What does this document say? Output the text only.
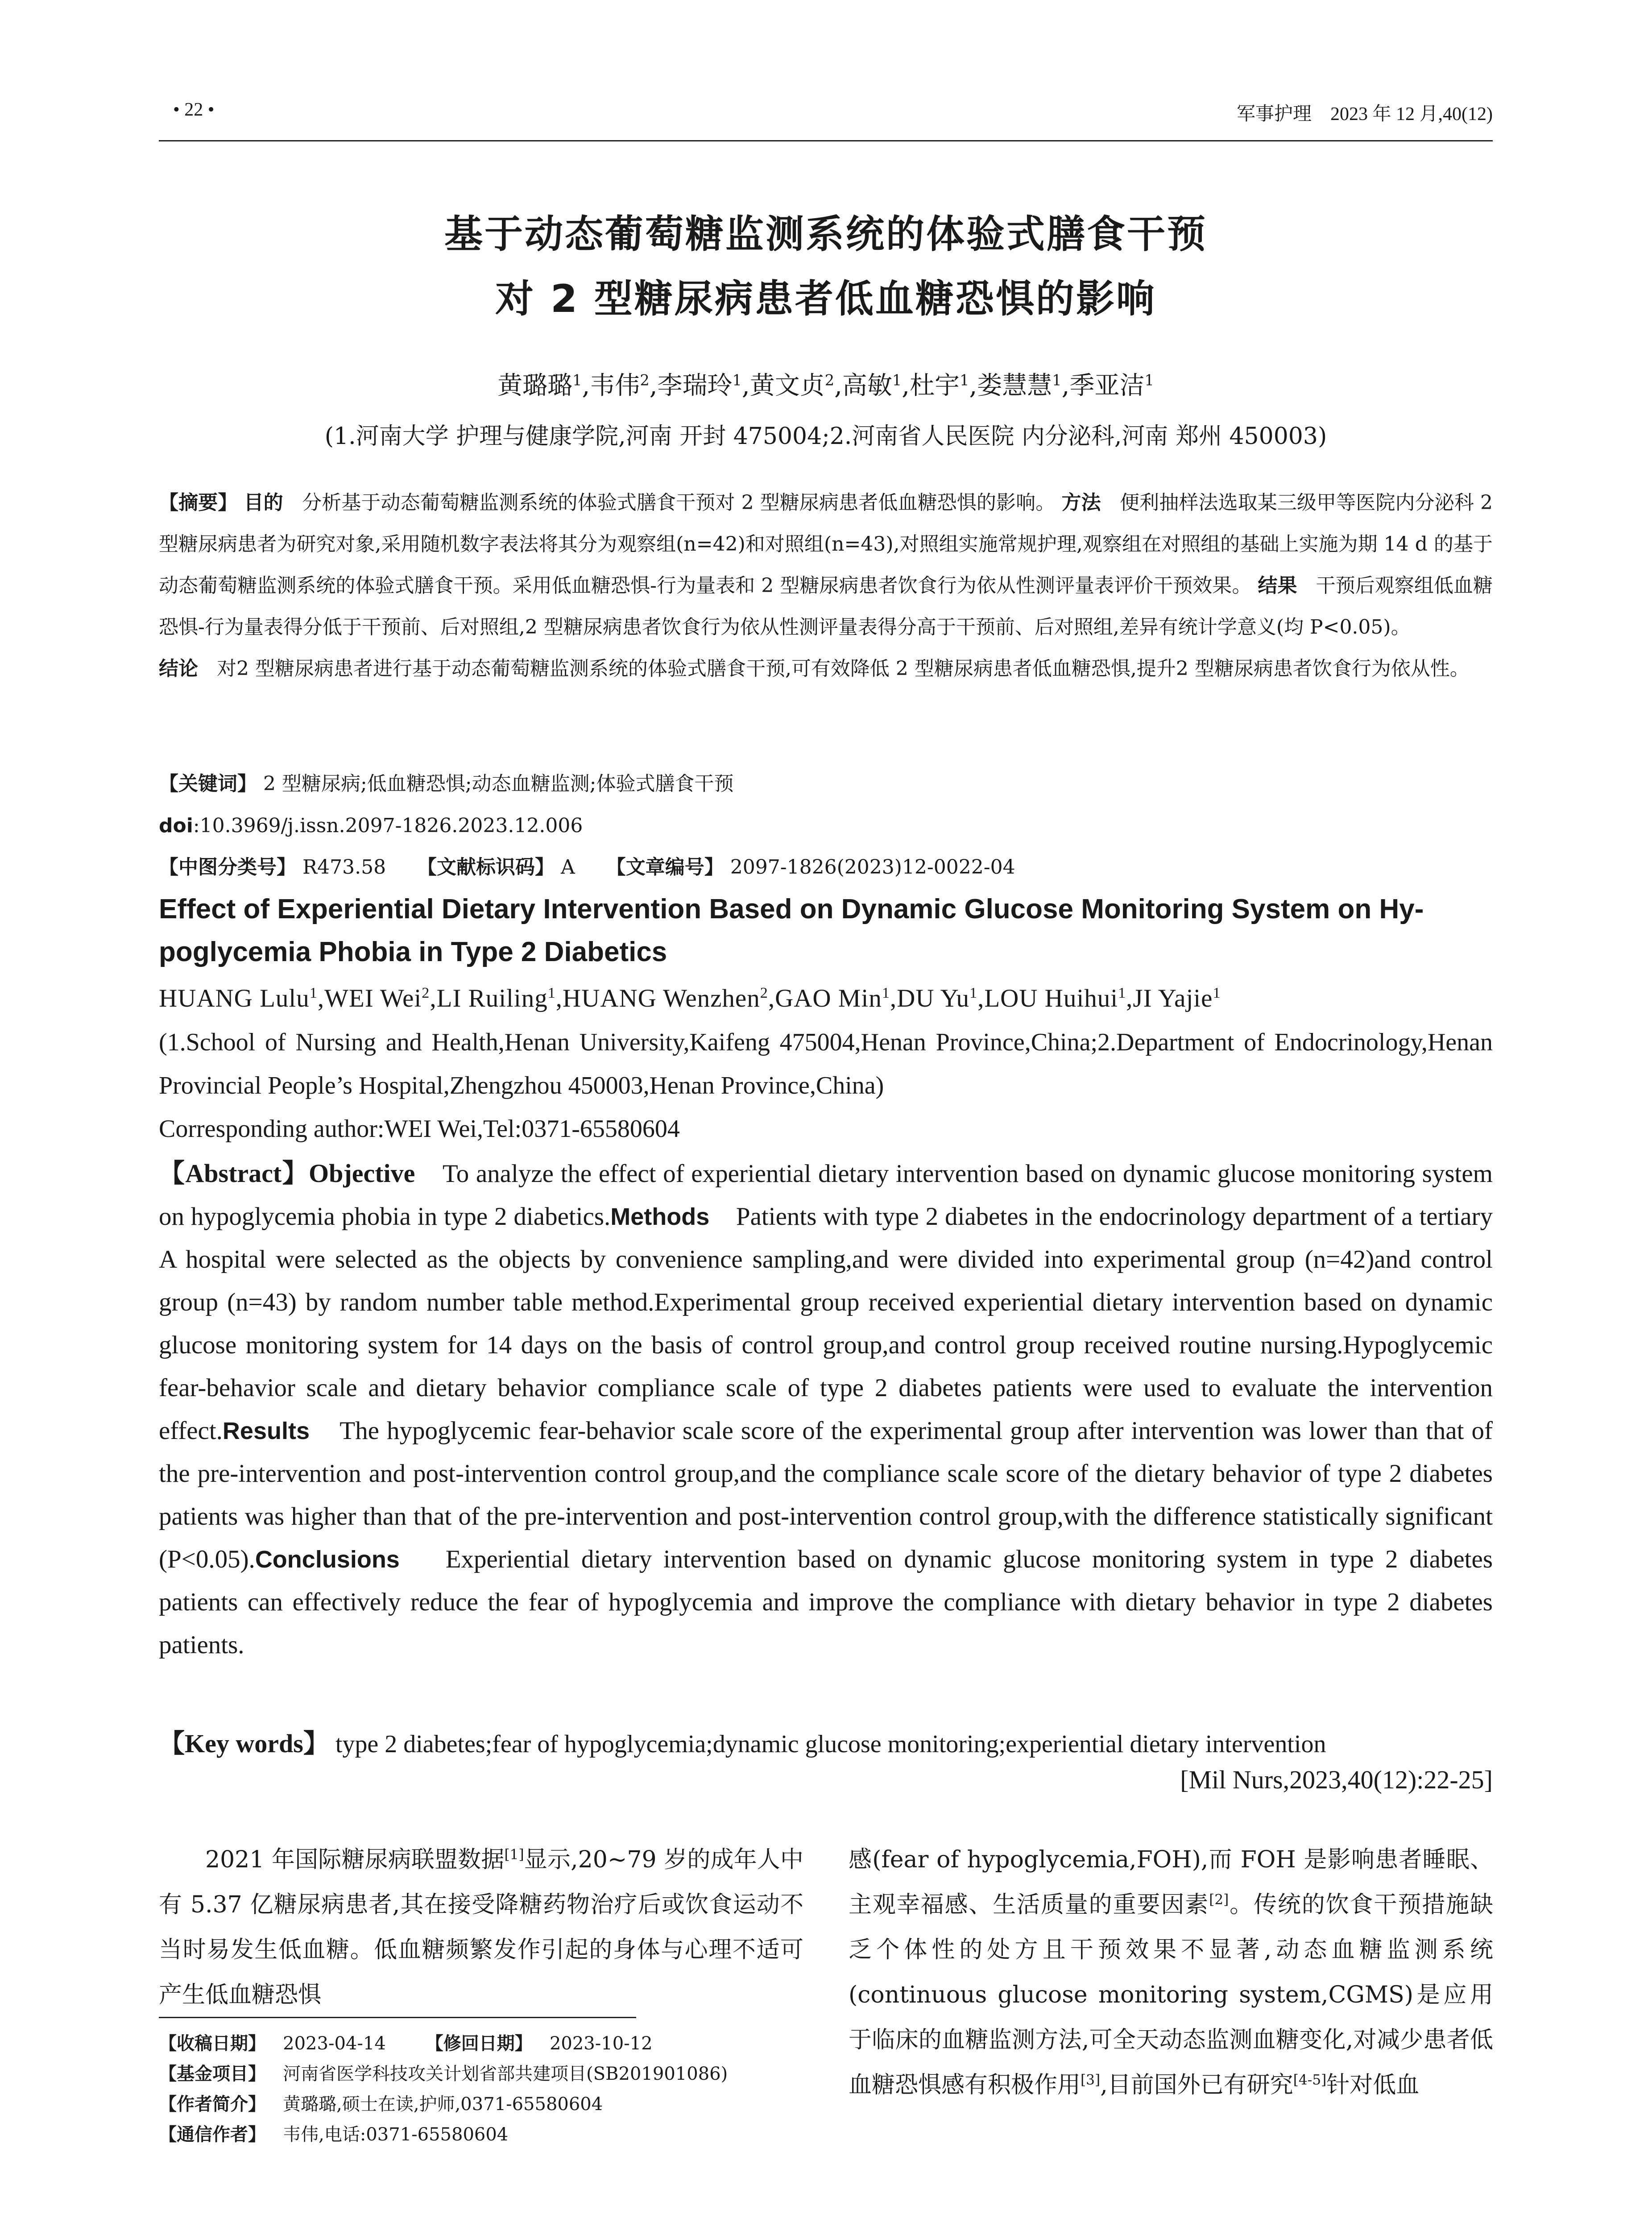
• 22 •	军事护理　2023 年 12 月,40(12)
基于动态葡萄糖监测系统的体验式膳食干预
对 2 型糖尿病患者低血糖恐惧的影响
黄璐璐$^1$,韦伟$^2$,李瑞玲$^1$,黄文贞$^2$,高敏$^1$,杜宇$^1$,娄慧慧$^1$,季亚洁$^1$
(1.河南大学 护理与健康学院,河南 开封 475004;2.河南省人民医院 内分泌科,河南 郑州 450003)
【摘要】 目的 分析基于动态葡萄糖监测系统的体验式膳食干预对 2 型糖尿病患者低血糖恐惧的影响。 方法 便利抽样法选取某三级甲等医院内分泌科 2 型糖尿病患者为研究对象,采用随机数字表法将其分为观察组(n=42)和对照组(n=43),对照组实施常规护理,观察组在对照组的基础上实施为期 14 d 的基于动态葡萄糖监测系统的体验式膳食干预。采用低血糖恐惧-行为量表和 2 型糖尿病患者饮食行为依从性测评量表评价干预效果。 结果 干预后观察组低血糖恐惧-行为量表得分低于干预前、后对照组,2 型糖尿病患者饮食行为依从性测评量表得分高于干预前、后对照组,差异有统计学意义(均 P<0.05)。
结论 对2 型糖尿病患者进行基于动态葡萄糖监测系统的体验式膳食干预,可有效降低 2 型糖尿病患者低血糖恐惧,提升2 型糖尿病患者饮食行为依从性。
【关键词】 2 型糖尿病;低血糖恐惧;动态血糖监测;体验式膳食干预
doi:10.3969/j.issn.2097-1826.2023.12.006
【中图分类号】 R473.58 【文献标识码】 A 【文章编号】 2097-1826(2023)12-0022-04
Effect of Experiential Dietary Intervention Based on Dynamic Glucose Monitoring System on Hy-
poglycemia Phobia in Type 2 Diabetics
HUANG Lulu$^1$,WEI Wei$^2$,LI Ruiling$^1$,HUANG Wenzhen$^2$,GAO Min$^1$,DU Yu$^1$,LOU Huihui$^1$,JI Yajie$^1$
(1.School of Nursing and Health,Henan University,Kaifeng 475004,Henan Province,China;2.Department of Endocrinology,Henan Provincial People’s Hospital,Zhengzhou 450003,Henan Province,China)
Corresponding author:WEI Wei,Tel:0371-65580604
【Abstract】Objective To analyze the effect of experiential dietary intervention based on dynamic glucose monitoring system on hypoglycemia phobia in type 2 diabetics.Methods Patients with type 2 diabetes in the endocrinology department of a tertiary A hospital were selected as the objects by convenience sampling,and were divided into experimental group (n=42)and control group (n=43) by random number table method.Experimental group received experiential dietary intervention based on dynamic glucose monitoring system for 14 days on the basis of control group,and control group received routine nursing.Hypoglycemic fear-behavior scale and dietary behavior compliance scale of type 2 diabetes patients were used to evaluate the intervention effect.Results The hypoglycemic fear-behavior scale score of the experimental group after intervention was lower than that of the pre-intervention and post-intervention control group,and the compliance scale score of the dietary behavior of type 2 diabetes patients was higher than that of the pre-intervention and post-intervention control group,with the difference statistically significant (P<0.05).Conclusions Experiential dietary intervention based on dynamic glucose monitoring system in type 2 diabetes patients can effectively reduce the fear of hypoglycemia and improve the compliance with dietary behavior in type 2 diabetes patients.
【Key words】 type 2 diabetes;fear of hypoglycemia;dynamic glucose monitoring;experiential dietary intervention
[Mil Nurs,2023,40(12):22-25]
2021 年国际糖尿病联盟数据[1]显示,20~79 岁的成年人中有 5.37 亿糖尿病患者,其在接受降糖药物治疗后或饮食运动不当时易发生低血糖。低血糖频繁发作引起的身体与心理不适可产生低血糖恐惧
感(fear of hypoglycemia,FOH),而 FOH 是影响患者睡眠、主观幸福感、生活质量的重要因素[2]。传统的饮食干预措施缺乏个体性的处方且干预效果不显著,动态血糖监测系统(continuous glucose monitoring system,CGMS)是应用于临床的血糖监测方法,可全天动态监测血糖变化,对减少患者低血糖恐惧感有积极作用[3],目前国外已有研究[4-5]针对低血
【收稿日期】 2023-04-14 【修回日期】 2023-10-12
【基金项目】 河南省医学科技攻关计划省部共建项目(SB201901086)
【作者简介】 黄璐璐,硕士在读,护师,0371-65580604
【通信作者】 韦伟,电话:0371-65580604
